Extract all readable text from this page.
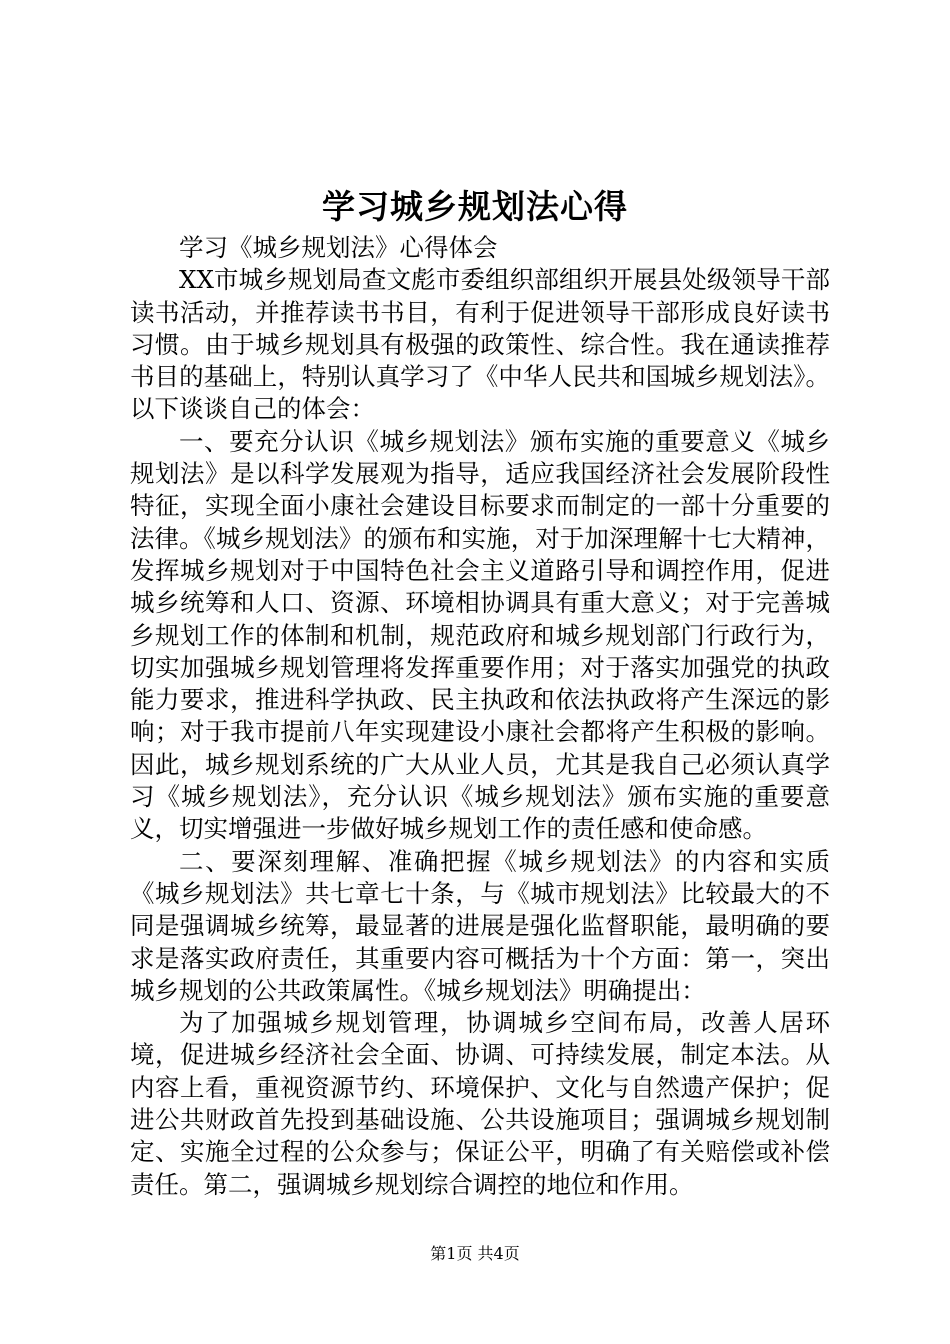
学习城乡规划法心得

学习《城乡规划法》心得体会

XX市城乡规划局查文彪市委组织部组织开展县处级领导干部读书活动，并推荐读书书目，有利于促进领导干部形成良好读书习惯。由于城乡规划具有极强的政策性、综合性。我在通读推荐书目的基础上，特别认真学习了《中华人民共和国城乡规划法》。以下谈谈自己的体会：

一、要充分认识《城乡规划法》颁布实施的重要意义《城乡规划法》是以科学发展观为指导，适应我国经济社会发展阶段性特征，实现全面小康社会建设目标要求而制定的一部十分重要的法律。《城乡规划法》的颁布和实施，对于加深理解十七大精神，发挥城乡规划对于中国特色社会主义道路引导和调控作用，促进城乡统筹和人口、资源、环境相协调具有重大意义；对于完善城乡规划工作的体制和机制，规范政府和城乡规划部门行政行为，切实加强城乡规划管理将发挥重要作用；对于落实加强党的执政能力要求，推进科学执政、民主执政和依法执政将产生深远的影响；对于我市提前八年实现建设小康社会都将产生积极的影响。因此，城乡规划系统的广大从业人员，尤其是我自己必须认真学习《城乡规划法》，充分认识《城乡规划法》颁布实施的重要意义，切实增强进一步做好城乡规划工作的责任感和使命感。

二、要深刻理解、准确把握《城乡规划法》的内容和实质《城乡规划法》共七章七十条，与《城市规划法》比较最大的不同是强调城乡统筹，最显著的进展是强化监督职能，最明确的要求是落实政府责任，其重要内容可概括为十个方面：第一，突出城乡规划的公共政策属性。《城乡规划法》明确提出：

为了加强城乡规划管理，协调城乡空间布局，改善人居环境，促进城乡经济社会全面、协调、可持续发展，制定本法。从内容上看，重视资源节约、环境保护、文化与自然遗产保护；促进公共财政首先投到基础设施、公共设施项目；强调城乡规划制定、实施全过程的公众参与；保证公平，明确了有关赔偿或补偿责任。第二，强调城乡规划综合调控的地位和作用。

第1页 共4页
